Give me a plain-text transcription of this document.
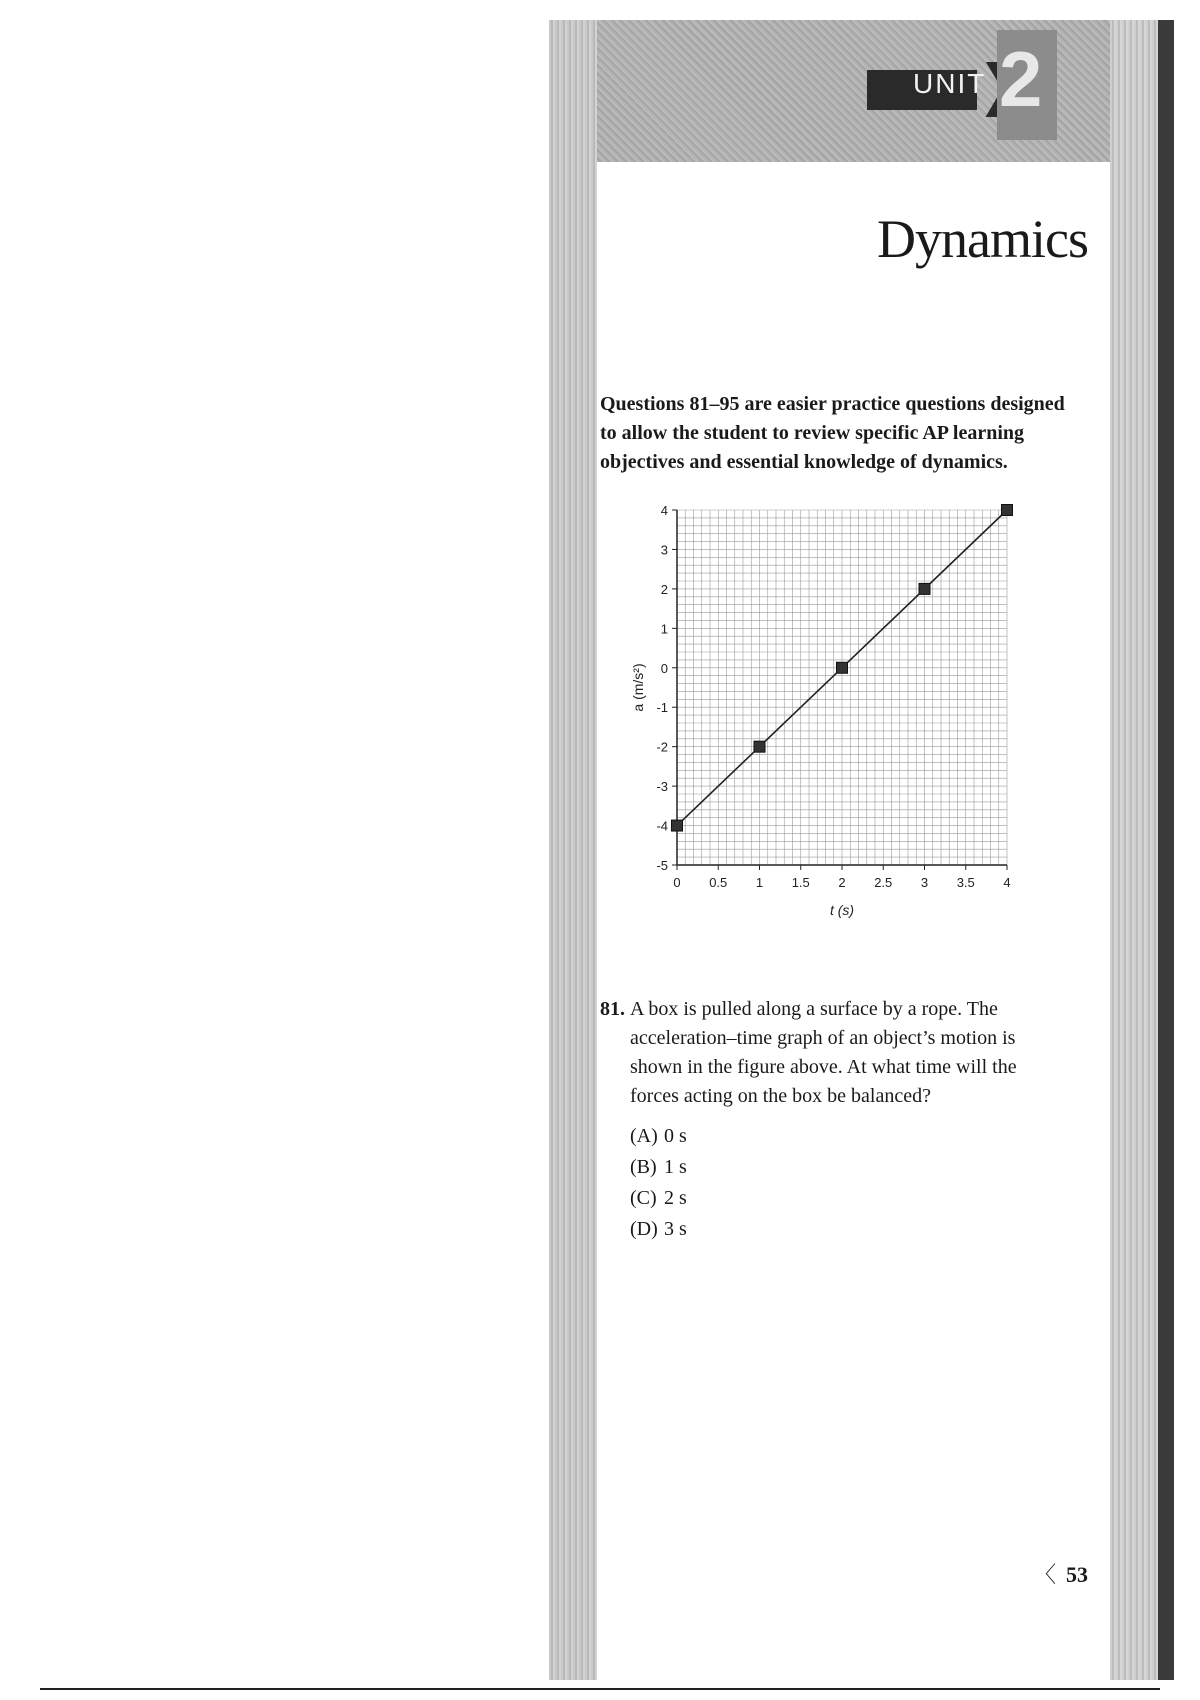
UNIT 2
Dynamics
Questions 81–95 are easier practice questions designed to allow the student to review specific AP learning objectives and essential knowledge of dynamics.
4
3
2
1
0
-1
-2
-3
-4
-5
0 0.5 1 1.5 2 2.5 3 3.5 4
t (s)
a (m/s²)
81. A box is pulled along a surface by a rope. The acceleration–time graph of an object’s motion is shown in the figure above. At what time will the forces acting on the box be balanced?
(A) 0 s
(B) 1 s
(C) 2 s
(D) 3 s
〈 53
